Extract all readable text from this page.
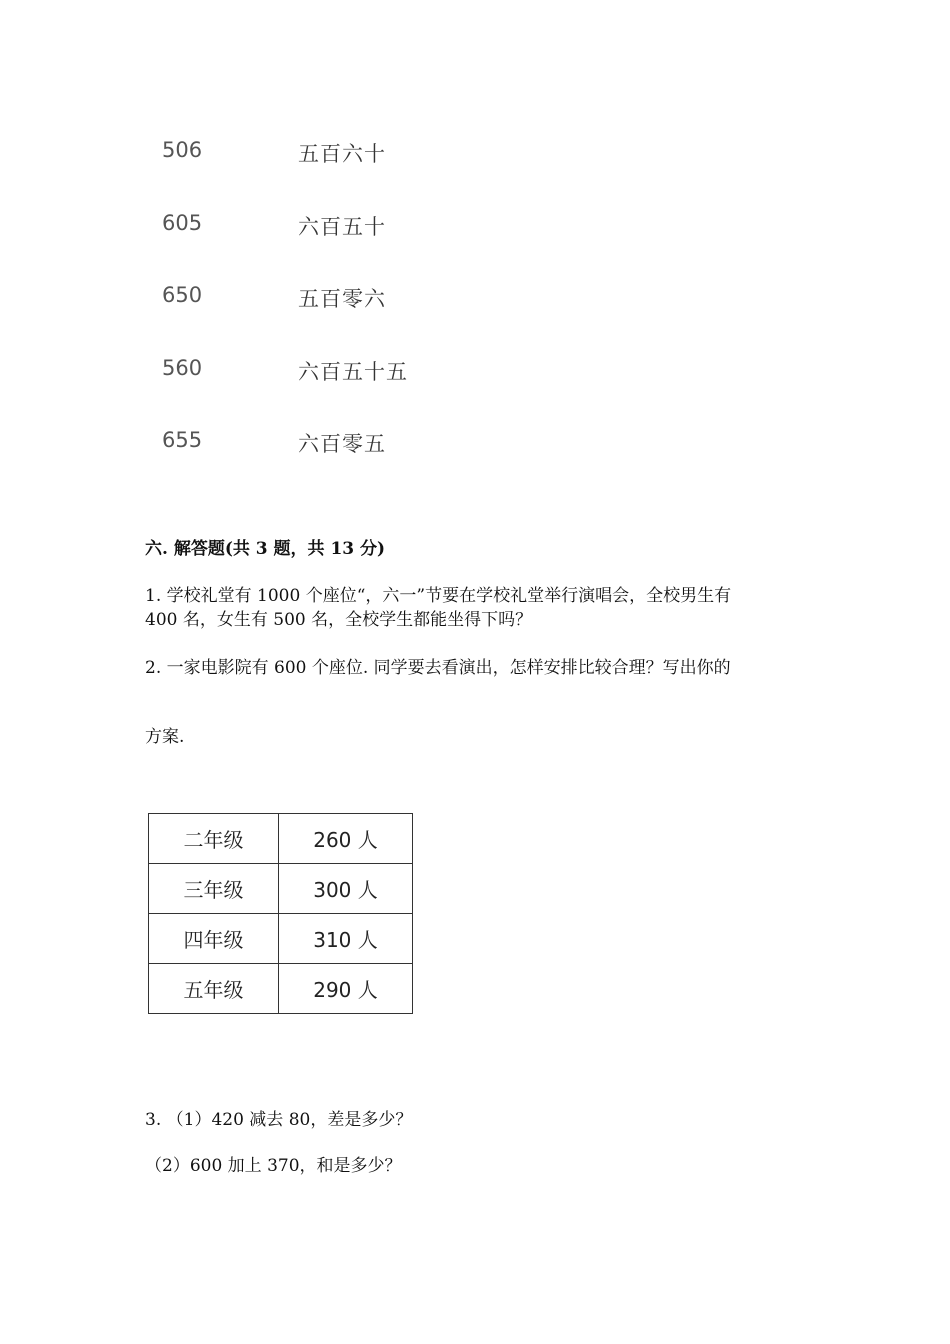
506	五百六十
605	六百五十
650	五百零六
560	六百五十五
655	六百零五
六. 解答题(共 3 题，共 13 分)
1. 学校礼堂有 1000 个座位“，六一”节要在学校礼堂举行演唱会，全校男生有
400 名，女生有 500 名，全校学生都能坐得下吗？
2. 一家电影院有 600 个座位. 同学要去看演出，怎样安排比较合理？写出你的
方案.
二年级	260 人
三年级	300 人
四年级	310 人
五年级	290 人
3. （1）420 减去 80，差是多少？
（2）600 加上 370，和是多少？
